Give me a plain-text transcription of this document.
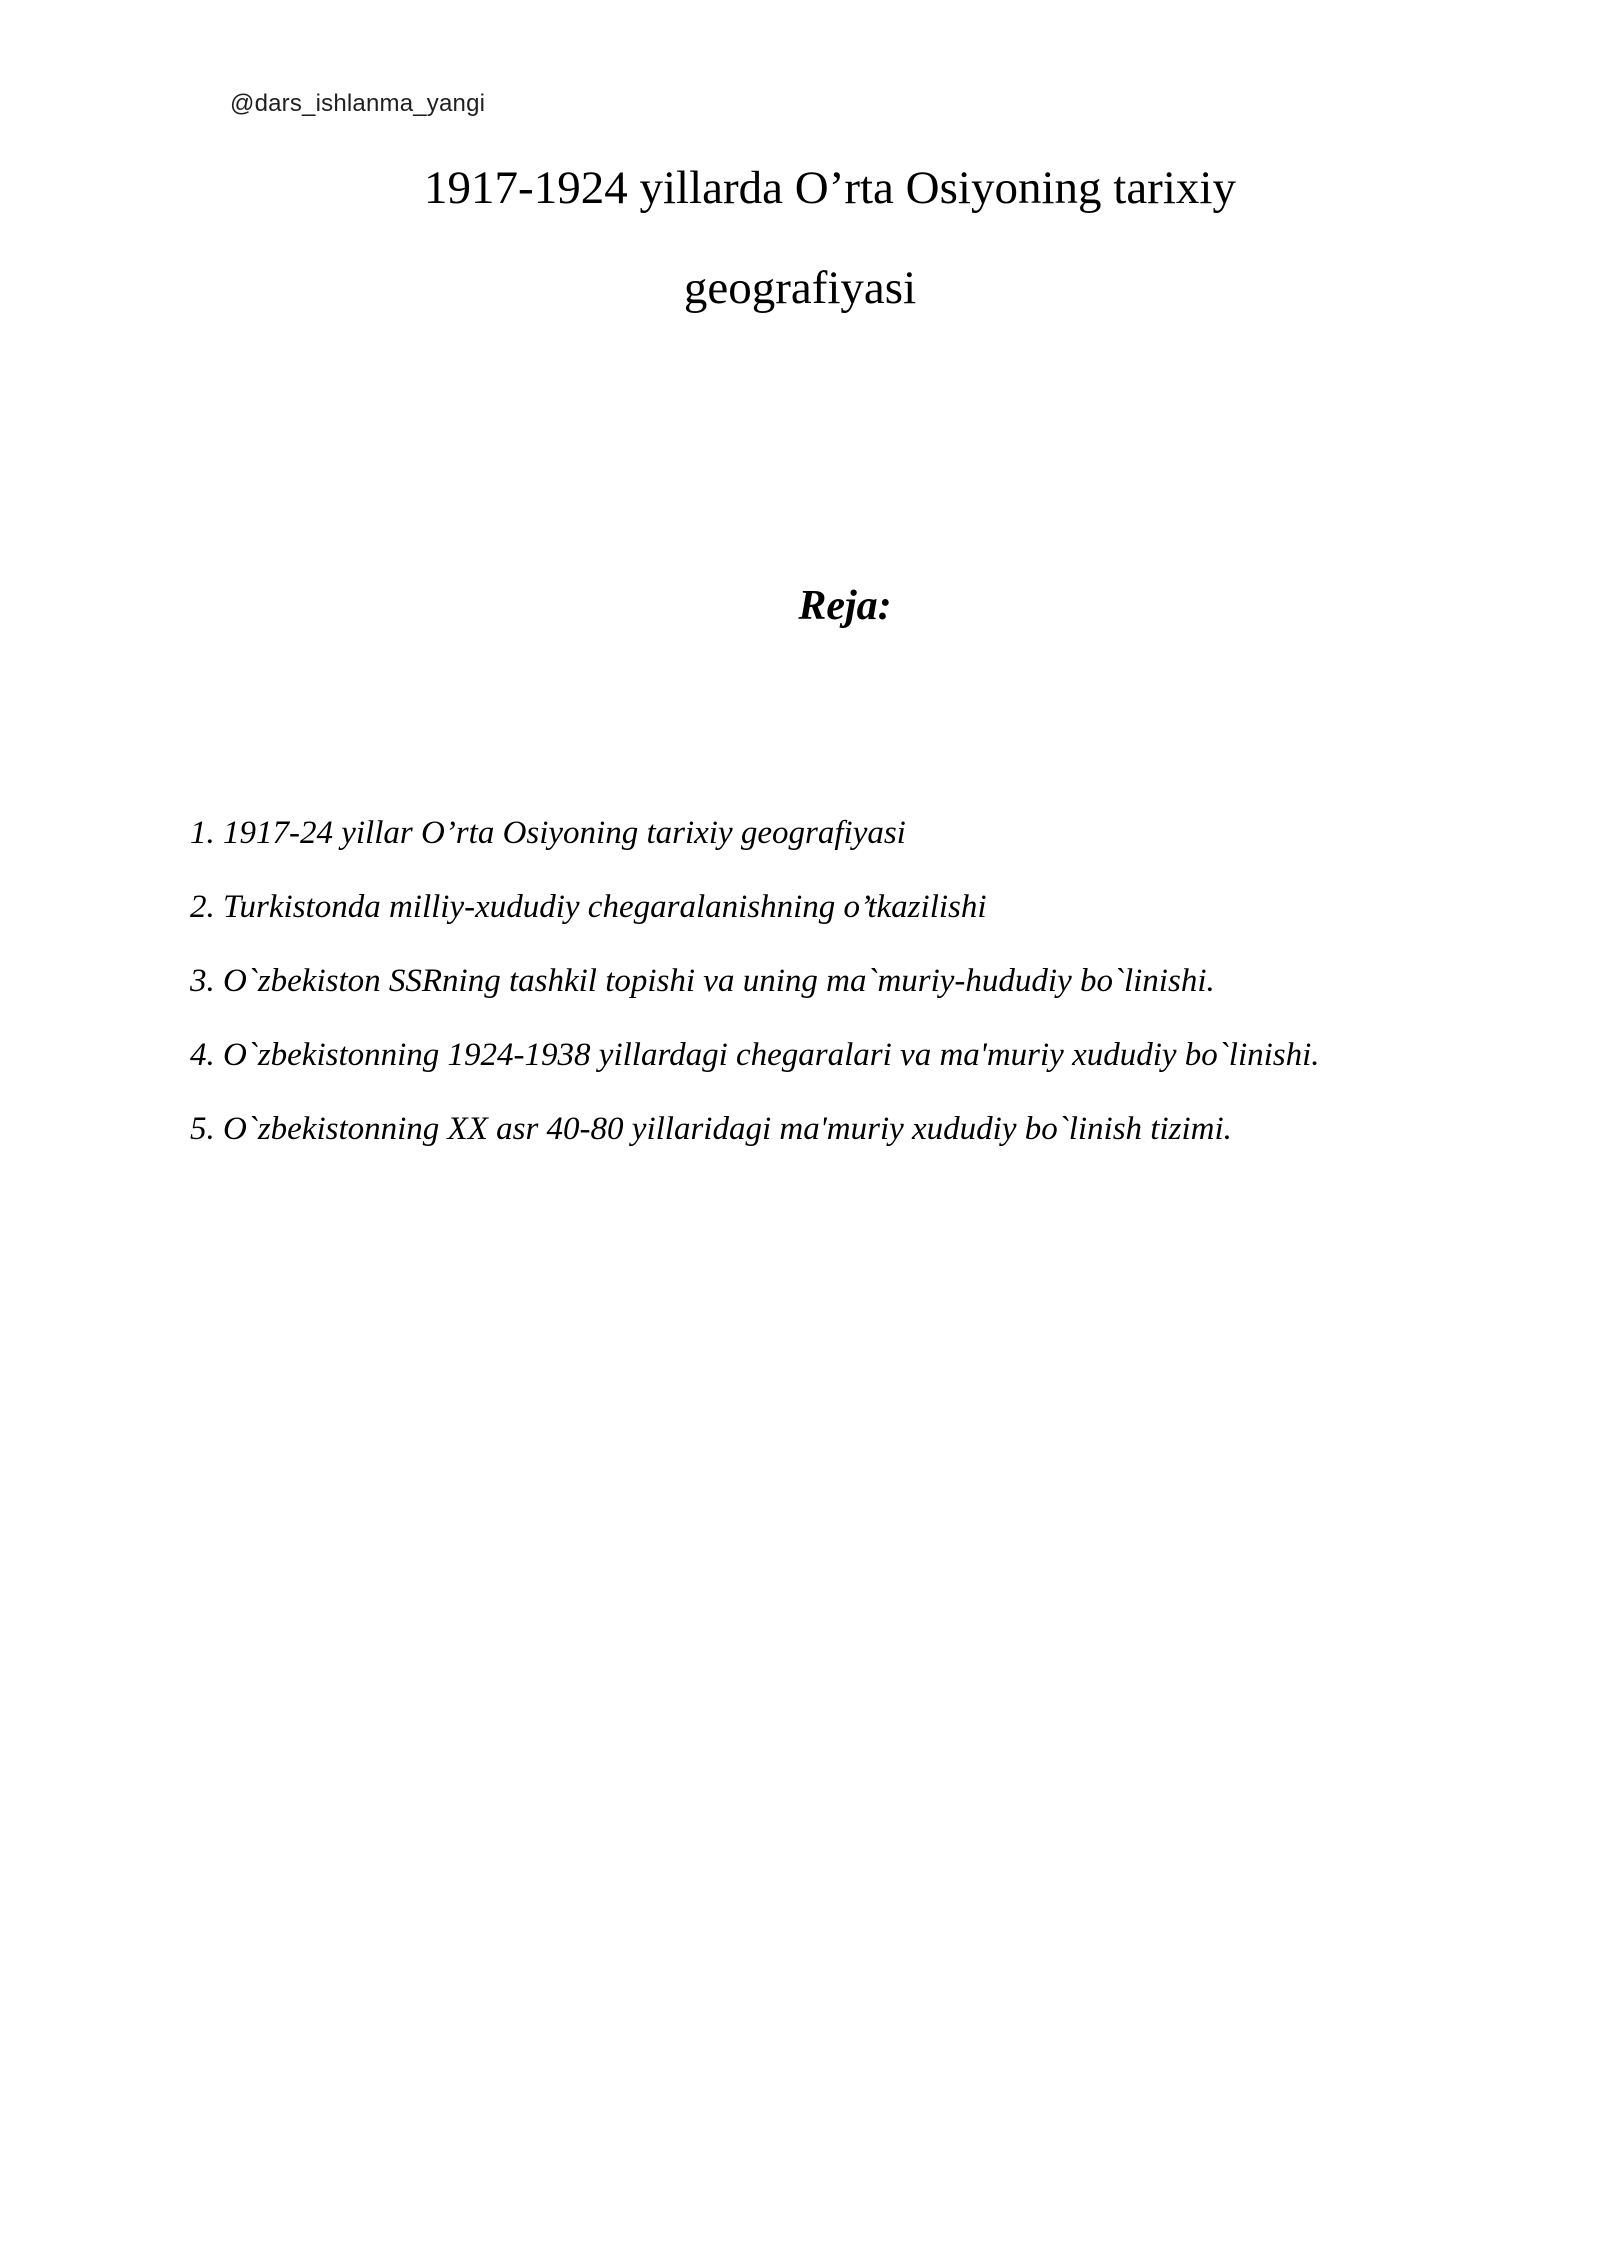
@dars_ishlanma_yangi
1917-1924 yillarda O’rta Osiyoning tarixiy
geografiyasi
Reja:

1. 1917-24 yillar O’rta Osiyoning tarixiy geografiyasi

2. Turkistonda milliy-xududiy chegaralanishning o’tkazilishi

3. O`zbekiston SSRning tashkil topishi va uning ma`muriy-hududiy bo`linishi.

4. O`zbekistonning 1924-1938 yillardagi chegaralari va ma'muriy xududiy bo`linishi.

5. O`zbekistonning XX asr 40-80 yillaridagi ma'muriy xududiy bo`linish tizimi.
